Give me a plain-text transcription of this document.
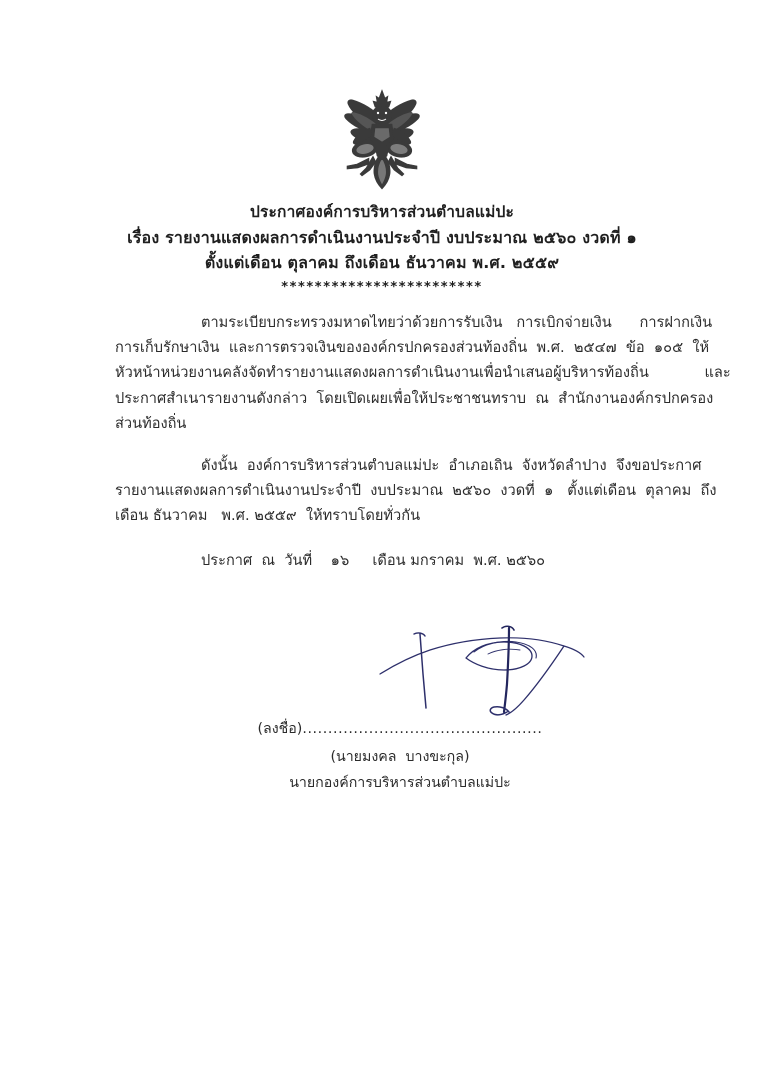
ประกาศองค์การบริหารส่วนตำบลแม่ปะ
เรื่อง รายงานแสดงผลการดำเนินงานประจำปี งบประมาณ ๒๕๖๐ งวดที่ ๑
ตั้งแต่เดือน ตุลาคม ถึงเดือน ธันวาคม พ.ศ. ๒๕๕๙
************************
ตามระเบียบกระทรวงมหาดไทยว่าด้วยการรับเงิน   การเบิกจ่ายเงิน      การฝากเงิน
การเก็บรักษาเงิน  และการตรวจเงินขององค์กรปกครองส่วนท้องถิ่น  พ.ศ.  ๒๕๔๗  ข้อ  ๑๐๕  ให้
หัวหน้าหน่วยงานคลังจัดทำรายงานแสดงผลการดำเนินงานเพื่อนำเสนอผู้บริหารท้องถิ่น            และ
ประกาศสำเนารายงานดังกล่าว  โดยเปิดเผยเพื่อให้ประชาชนทราบ  ณ  สำนักงานองค์กรปกครอง
ส่วนท้องถิ่น
ดังนั้น  องค์การบริหารส่วนตำบลแม่ปะ  อำเภอเถิน  จังหวัดลำปาง  จึงขอประกาศ
รายงานแสดงผลการดำเนินงานประจำปี  งบประมาณ  ๒๕๖๐  งวดที่  ๑   ตั้งแต่เดือน  ตุลาคม  ถึง
เดือน ธันวาคม   พ.ศ. ๒๕๕๙  ให้ทราบโดยทั่วกัน
ประกาศ  ณ  วันที่    ๑๖     เดือน มกราคม  พ.ศ. ๒๕๖๐
(ลงชื่อ)...............................................
(นายมงคล  บางขะกุล)
นายกองค์การบริหารส่วนตำบลแม่ปะ
